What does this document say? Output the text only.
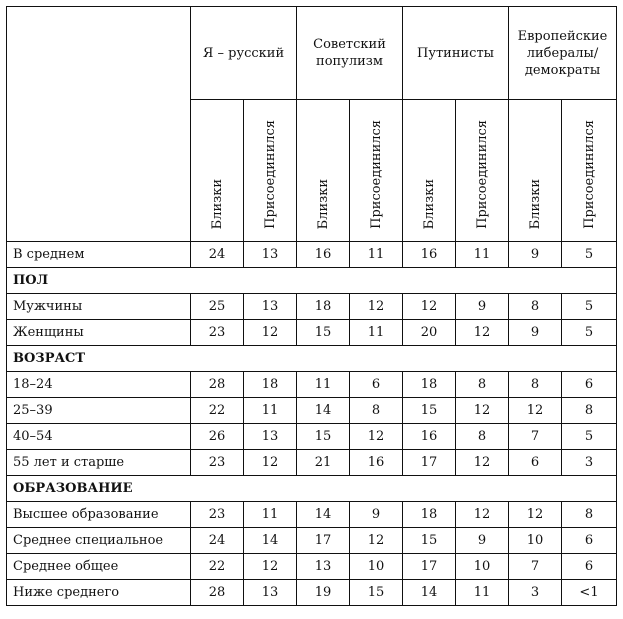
	Я – русский		Советский популизм		Путинисты		Европейские либералы/ демократы	
	Близки	Присоединился	Близки	Присоединился	Близки	Присоединился	Близки	Присоединился
В среднем	24	13	16	11	16	11	9	5
ПОЛ								
Мужчины	25	13	18	12	12	9	8	5
Женщины	23	12	15	11	20	12	9	5
ВОЗРАСТ								
18–24	28	18	11	6	18	8	8	6
25–39	22	11	14	8	15	12	12	8
40–54	26	13	15	12	16	8	7	5
55 лет и старше	23	12	21	16	17	12	6	3
ОБРАЗОВАНИЕ								
Высшее образование	23	11	14	9	18	12	12	8
Среднее специальное	24	14	17	12	15	9	10	6
Среднее общее	22	12	13	10	17	10	7	6
Ниже среднего	28	13	19	15	14	11	3	<1
